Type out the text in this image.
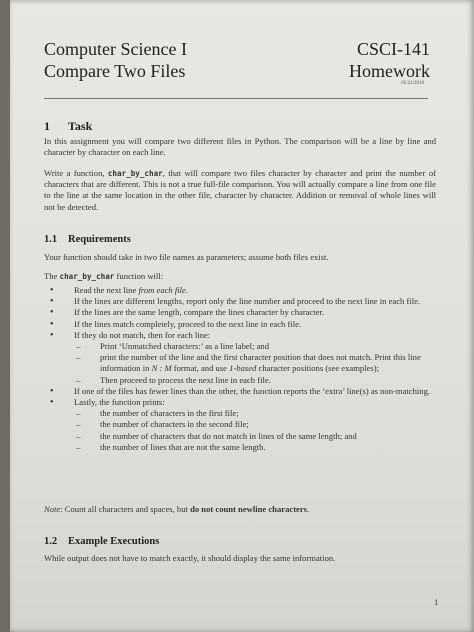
Computer Science I
Compare Two Files
CSCI-141
Homework
05/21/2018
1 Task

In this assignment you will compare two different files in Python. The comparison will be a line by line and character by character on each line.

Write a function, char_by_char, that will compare two files character by character and print the number of characters that are different. This is not a true full-file comparison. You will actually compare a line from one file to the line at the same location in the other file, character by character. Addition or removal of whole lines will not be detected.

1.1 Requirements

Your function should take in two file names as parameters; assume both files exist.

The char_by_char function will:

• Read the next line from each file.
• If the lines are different lengths, report only the line number and proceed to the next line in each file.
• If the lines are the same length, compare the lines character by character.
• If the lines match completely, proceed to the next line in each file.
• If they do not match, then for each line:
– Print ‘Unmatched characters:’ as a line label; and
– print the number of the line and the first character position that does not match. Print this line information in N : M format, and use 1-based character positions (see examples);
– Then proceed to process the next line in each file.
• If one of the files has fewer lines than the other, the function reports the ‘extra’ line(s) as non-matching.
• Lastly, the function prints:
– the number of characters in the first file;
– the number of characters in the second file;
– the number of characters that do not match in lines of the same length; and
– the number of lines that are not the same length.

Note: Count all characters and spaces, but do not count newline characters.

1.2 Example Executions

While output does not have to match exactly, it should display the same information.

1
